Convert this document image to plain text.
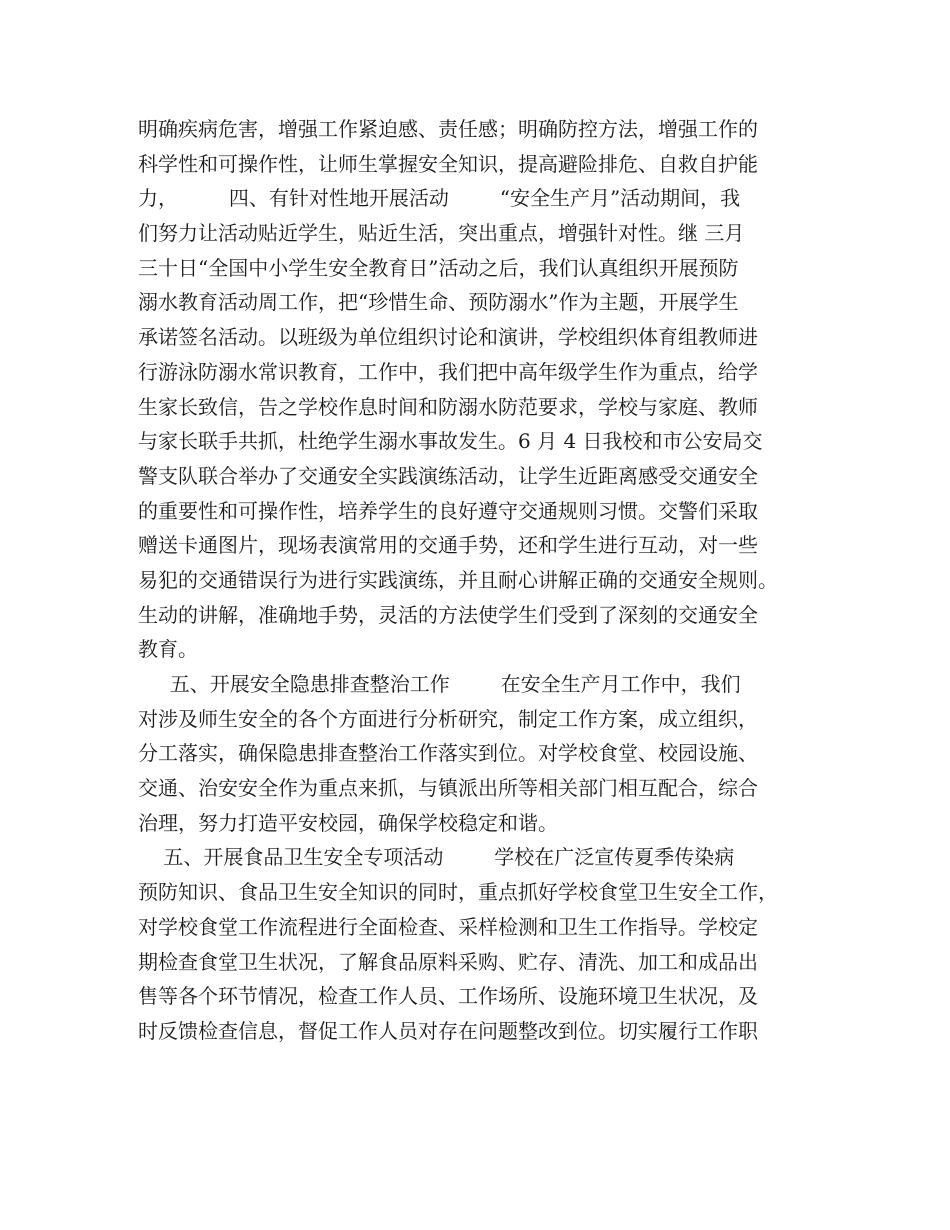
明确疾病危害，增强工作紧迫感、责任感；明确防控方法，增强工作的
科学性和可操作性，让师生掌握安全知识，提高避险排危、自救自护能
力，        四、有针对性地开展活动        “安全生产月”活动期间，我
们努力让活动贴近学生，贴近生活，突出重点，增强针对性。继 三月
三十日“全国中小学生安全教育日”活动之后，我们认真组织开展预防
溺水教育活动周工作，把“珍惜生命、预防溺水”作为主题，开展学生
承诺签名活动。以班级为单位组织讨论和演讲，学校组织体育组教师进
行游泳防溺水常识教育，工作中，我们把中高年级学生作为重点，给学
生家长致信，告之学校作息时间和防溺水防范要求，学校与家庭、教师
与家长联手共抓，杜绝学生溺水事故发生。6 月 4 日我校和市公安局交
警支队联合举办了交通安全实践演练活动，让学生近距离感受交通安全
的重要性和可操作性，培养学生的良好遵守交通规则习惯。交警们采取
赠送卡通图片，现场表演常用的交通手势，还和学生进行互动，对一些
易犯的交通错误行为进行实践演练，并且耐心讲解正确的交通安全规则。
生动的讲解，准确地手势，灵活的方法使学生们受到了深刻的交通安全
教育。
五、开展安全隐患排查整治工作        在安全生产月工作中，我们
对涉及师生安全的各个方面进行分析研究，制定工作方案，成立组织，
分工落实，确保隐患排查整治工作落实到位。对学校食堂、校园设施、
交通、治安安全作为重点来抓，与镇派出所等相关部门相互配合，综合
治理，努力打造平安校园，确保学校稳定和谐。
五、开展食品卫生安全专项活动        学校在广泛宣传夏季传染病
预防知识、食品卫生安全知识的同时，重点抓好学校食堂卫生安全工作，
对学校食堂工作流程进行全面检查、采样检测和卫生工作指导。学校定
期检查食堂卫生状况，了解食品原料采购、贮存、清洗、加工和成品出
售等各个环节情况，检查工作人员、工作场所、设施环境卫生状况，及
时反馈检查信息，督促工作人员对存在问题整改到位。切实履行工作职
